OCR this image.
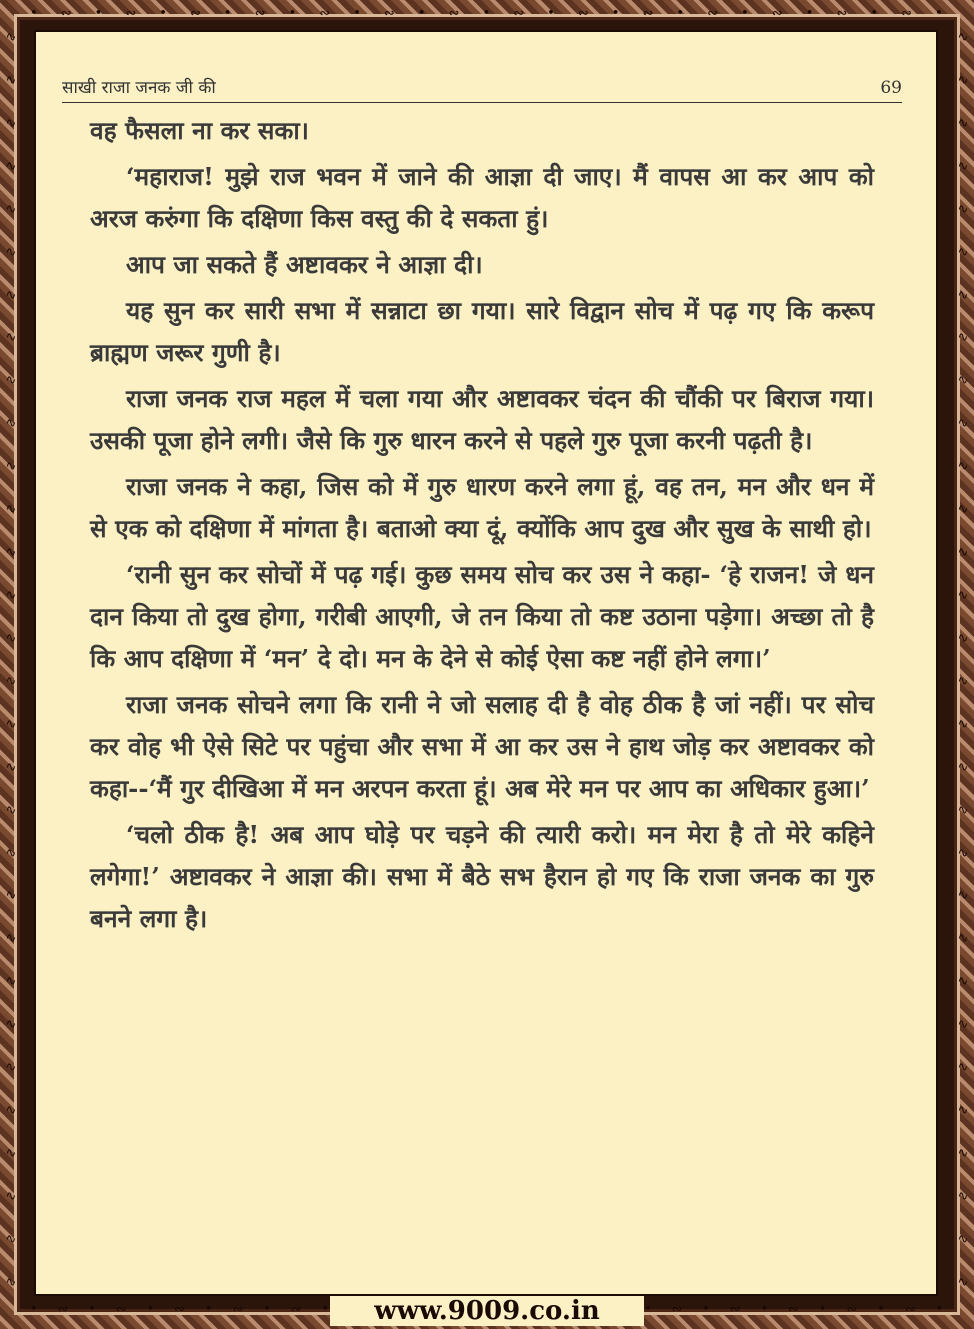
• ∾ • ∾ • ∾ • ∾ • ∾ • ∾ • ∾ • ∾ • ∾ • ∾ • ∾ • ∾ • ∾ • ∾ •
∿
∿
∿
∿
∿
∿
∿
∿
∿
∿
∿
∿
∿
∿
∿
∿
∿
∿
∿
∿
∿
∿
∿
∿
∿
∿
∿
∿
∿
∿
∿
∿
∿
∿
∿
∿
∿
∿
∿
∿
∿
∿
∿
∿
∿
∿
∿
∿
∿
∿
∿
∿
∿
∿
∿
∿
∿
∿
∿
∿
• ∾ • ∾ • ∾ • ∾ • ∾ •	• ∾ • ∾ • ∾ • ∾ • ∾ •
साखी राजा जनक जी की	69

वह फैसला ना कर सका।

‘महाराज! मुझे राज भवन में जाने की आज्ञा दी जाए। मैं वापस आ कर आप को अरज करुंगा कि दक्षिणा किस वस्तु की दे सकता हुं।

आप जा सकते हैं अष्टावकर ने आज्ञा दी।

यह सुन कर सारी सभा में सन्नाटा छा गया। सारे विद्वान सोच में पढ़ गए कि करूप ब्राह्मण जरूर गुणी है।

राजा जनक राज महल में चला गया और अष्टावकर चंदन की चौंकी पर बिराज गया। उसकी पूजा होने लगी। जैसे कि गुरु धारन करने से पहले गुरु पूजा करनी पढ़ती है।

राजा जनक ने कहा, जिस को में गुरु धारण करने लगा हूं, वह तन, मन और धन में से एक को दक्षिणा में मांगता है। बताओ क्या दूं, क्योंकि आप दुख और सुख के साथी हो।

‘रानी सुन कर सोचों में पढ़ गई। कुछ समय सोच कर उस ने कहा- ‘हे राजन! जे धन दान किया तो दुख होगा, गरीबी आएगी, जे तन किया तो कष्ट उठाना पड़ेगा। अच्छा तो है कि आप दक्षिणा में ‘मन’ दे दो। मन के देने से कोई ऐसा कष्ट नहीं होने लगा।’

राजा जनक सोचने लगा कि रानी ने जो सलाह दी है वोह ठीक है जां नहीं। पर सोच कर वोह भी ऐसे सिटे पर पहुंचा और सभा में आ कर उस ने हाथ जोड़ कर अष्टावकर को कहा--‘मैं गुर दीखिआ में मन अरपन करता हूं। अब मेरे मन पर आप का अधिकार हुआ।’

‘चलो ठीक है! अब आप घोड़े पर चड़ने की त्यारी करो। मन मेरा है तो मेरे कहिने लगेगा!’ अष्टावकर ने आज्ञा की। सभा में बैठे सभ हैरान हो गए कि राजा जनक का गुरु बनने लगा है।

www.9009.co.in
